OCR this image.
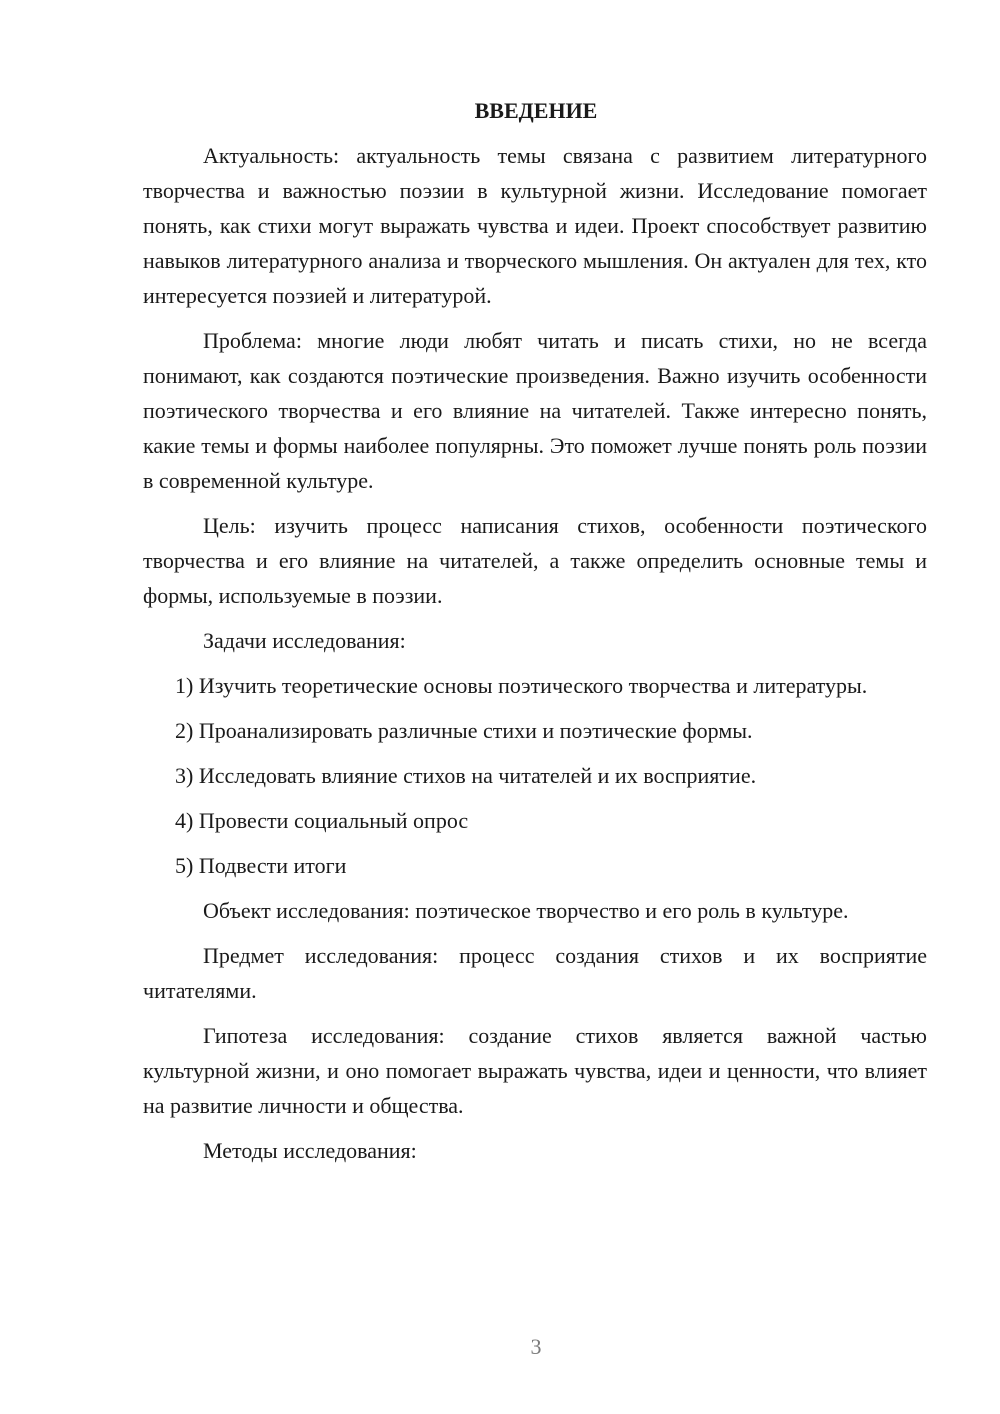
ВВЕДЕНИЕ
Актуальность: актуальность темы связана с развитием литературного творчества и важностью поэзии в культурной жизни. Исследование помогает понять, как стихи могут выражать чувства и идеи. Проект способствует развитию навыков литературного анализа и творческого мышления. Он актуален для тех, кто интересуется поэзией и литературой.
Проблема: многие люди любят читать и писать стихи, но не всегда понимают, как создаются поэтические произведения. Важно изучить особенности поэтического творчества и его влияние на читателей. Также интересно понять, какие темы и формы наиболее популярны. Это поможет лучше понять роль поэзии в современной культуре.
Цель: изучить процесс написания стихов, особенности поэтического творчества и его влияние на читателей, а также определить основные темы и формы, используемые в поэзии.
Задачи исследования:
1) Изучить теоретические основы поэтического творчества и литературы.
2) Проанализировать различные стихи и поэтические формы.
3) Исследовать влияние стихов на читателей и их восприятие.
4) Провести социальный опрос
5) Подвести итоги
Объект исследования: поэтическое творчество и его роль в культуре.
Предмет исследования: процесс создания стихов и их восприятие читателями.
Гипотеза исследования: создание стихов является важной частью культурной жизни, и оно помогает выражать чувства, идеи и ценности, что влияет на развитие личности и общества.
Методы исследования:
3
